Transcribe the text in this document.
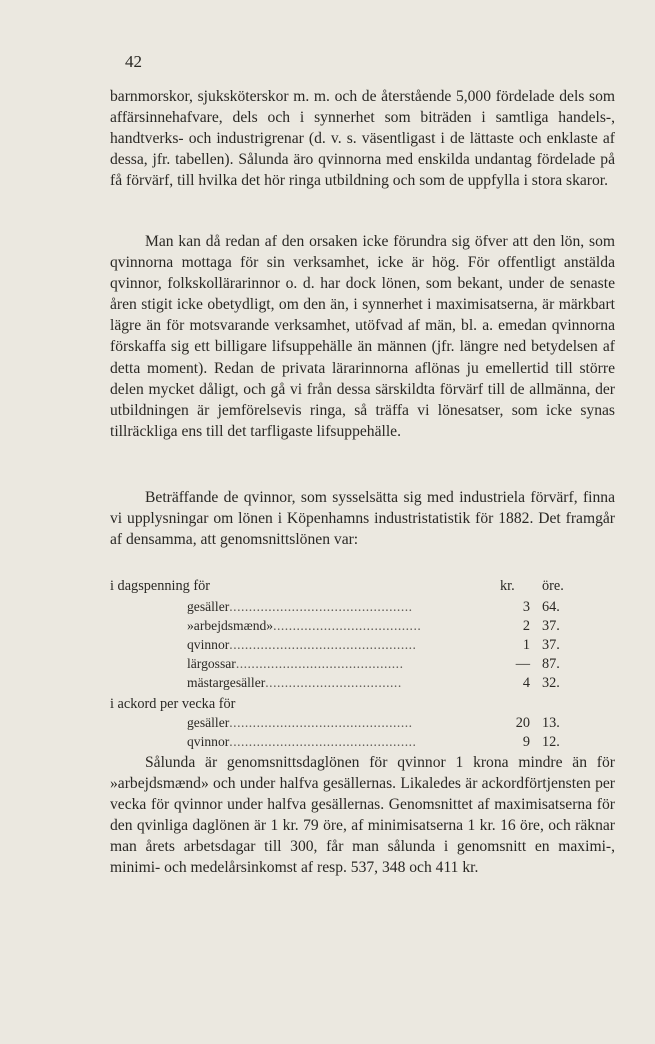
42

barnmorskor, sjuksköterskor m. m. och de återstående 5,000 fördelade dels som affärsinnehafvare, dels och i synnerhet som biträden i samtliga handels-, handtverks- och industrigrenar (d. v. s. väsentligast i de lättaste och enklaste af dessa, jfr. tabellen). Sålunda äro qvinnorna med enskilda undantag fördelade på få förvärf, till hvilka det hör ringa utbildning och som de uppfylla i stora skaror.

Man kan då redan af den orsaken icke förundra sig öfver att den lön, som qvinnorna mottaga för sin verksamhet, icke är hög. För offentligt anstälda qvinnor, folkskollärarinnor o. d. har dock lönen, som bekant, under de senaste åren stigit icke obetydligt, om den än, i synnerhet i maximisatserna, är märkbart lägre än för motsvarande verksamhet, utöfvad af män, bl. a. emedan qvinnorna förskaffa sig ett billigare lifsuppehälle än männen (jfr. längre ned betydelsen af detta moment). Redan de privata lärarinnorna aflönas ju emellertid till större delen mycket dåligt, och gå vi från dessa särskildta förvärf till de allmänna, der utbildningen är jemförelsevis ringa, så träffa vi lönesatser, som icke synas tillräckliga ens till det tarfligaste lifsuppehälle.

Beträffande de qvinnor, som sysselsätta sig med industriela förvärf, finna vi upplysningar om lönen i Köpenhamns industristatistik för 1882. Det framgår af densamma, att genomsnittslönen var:

i dagspenning för	kr. öre.
gesäller...............................................	3 64.
»arbejdsmænd»......................................	2 37.
qvinnor................................................	1 37.
lärgossar...........................................	— 87.
mästargesäller...................................	4 32.
i ackord per vecka för
gesäller...............................................	20 13.
qvinnor................................................	9 12.

Sålunda är genomsnittsdaglönen för qvinnor 1 krona mindre än för »arbejdsmænd» och under halfva gesällernas. Likaledes är ackordförtjensten per vecka för qvinnor under halfva gesällernas. Genomsnittet af maximisatserna för den qvinliga daglönen är 1 kr. 79 öre, af minimisatserna 1 kr. 16 öre, och räknar man årets arbetsdagar till 300, får man sålunda i genomsnitt en maximi-, minimi- och medelårsinkomst af resp. 537, 348 och 411 kr.
